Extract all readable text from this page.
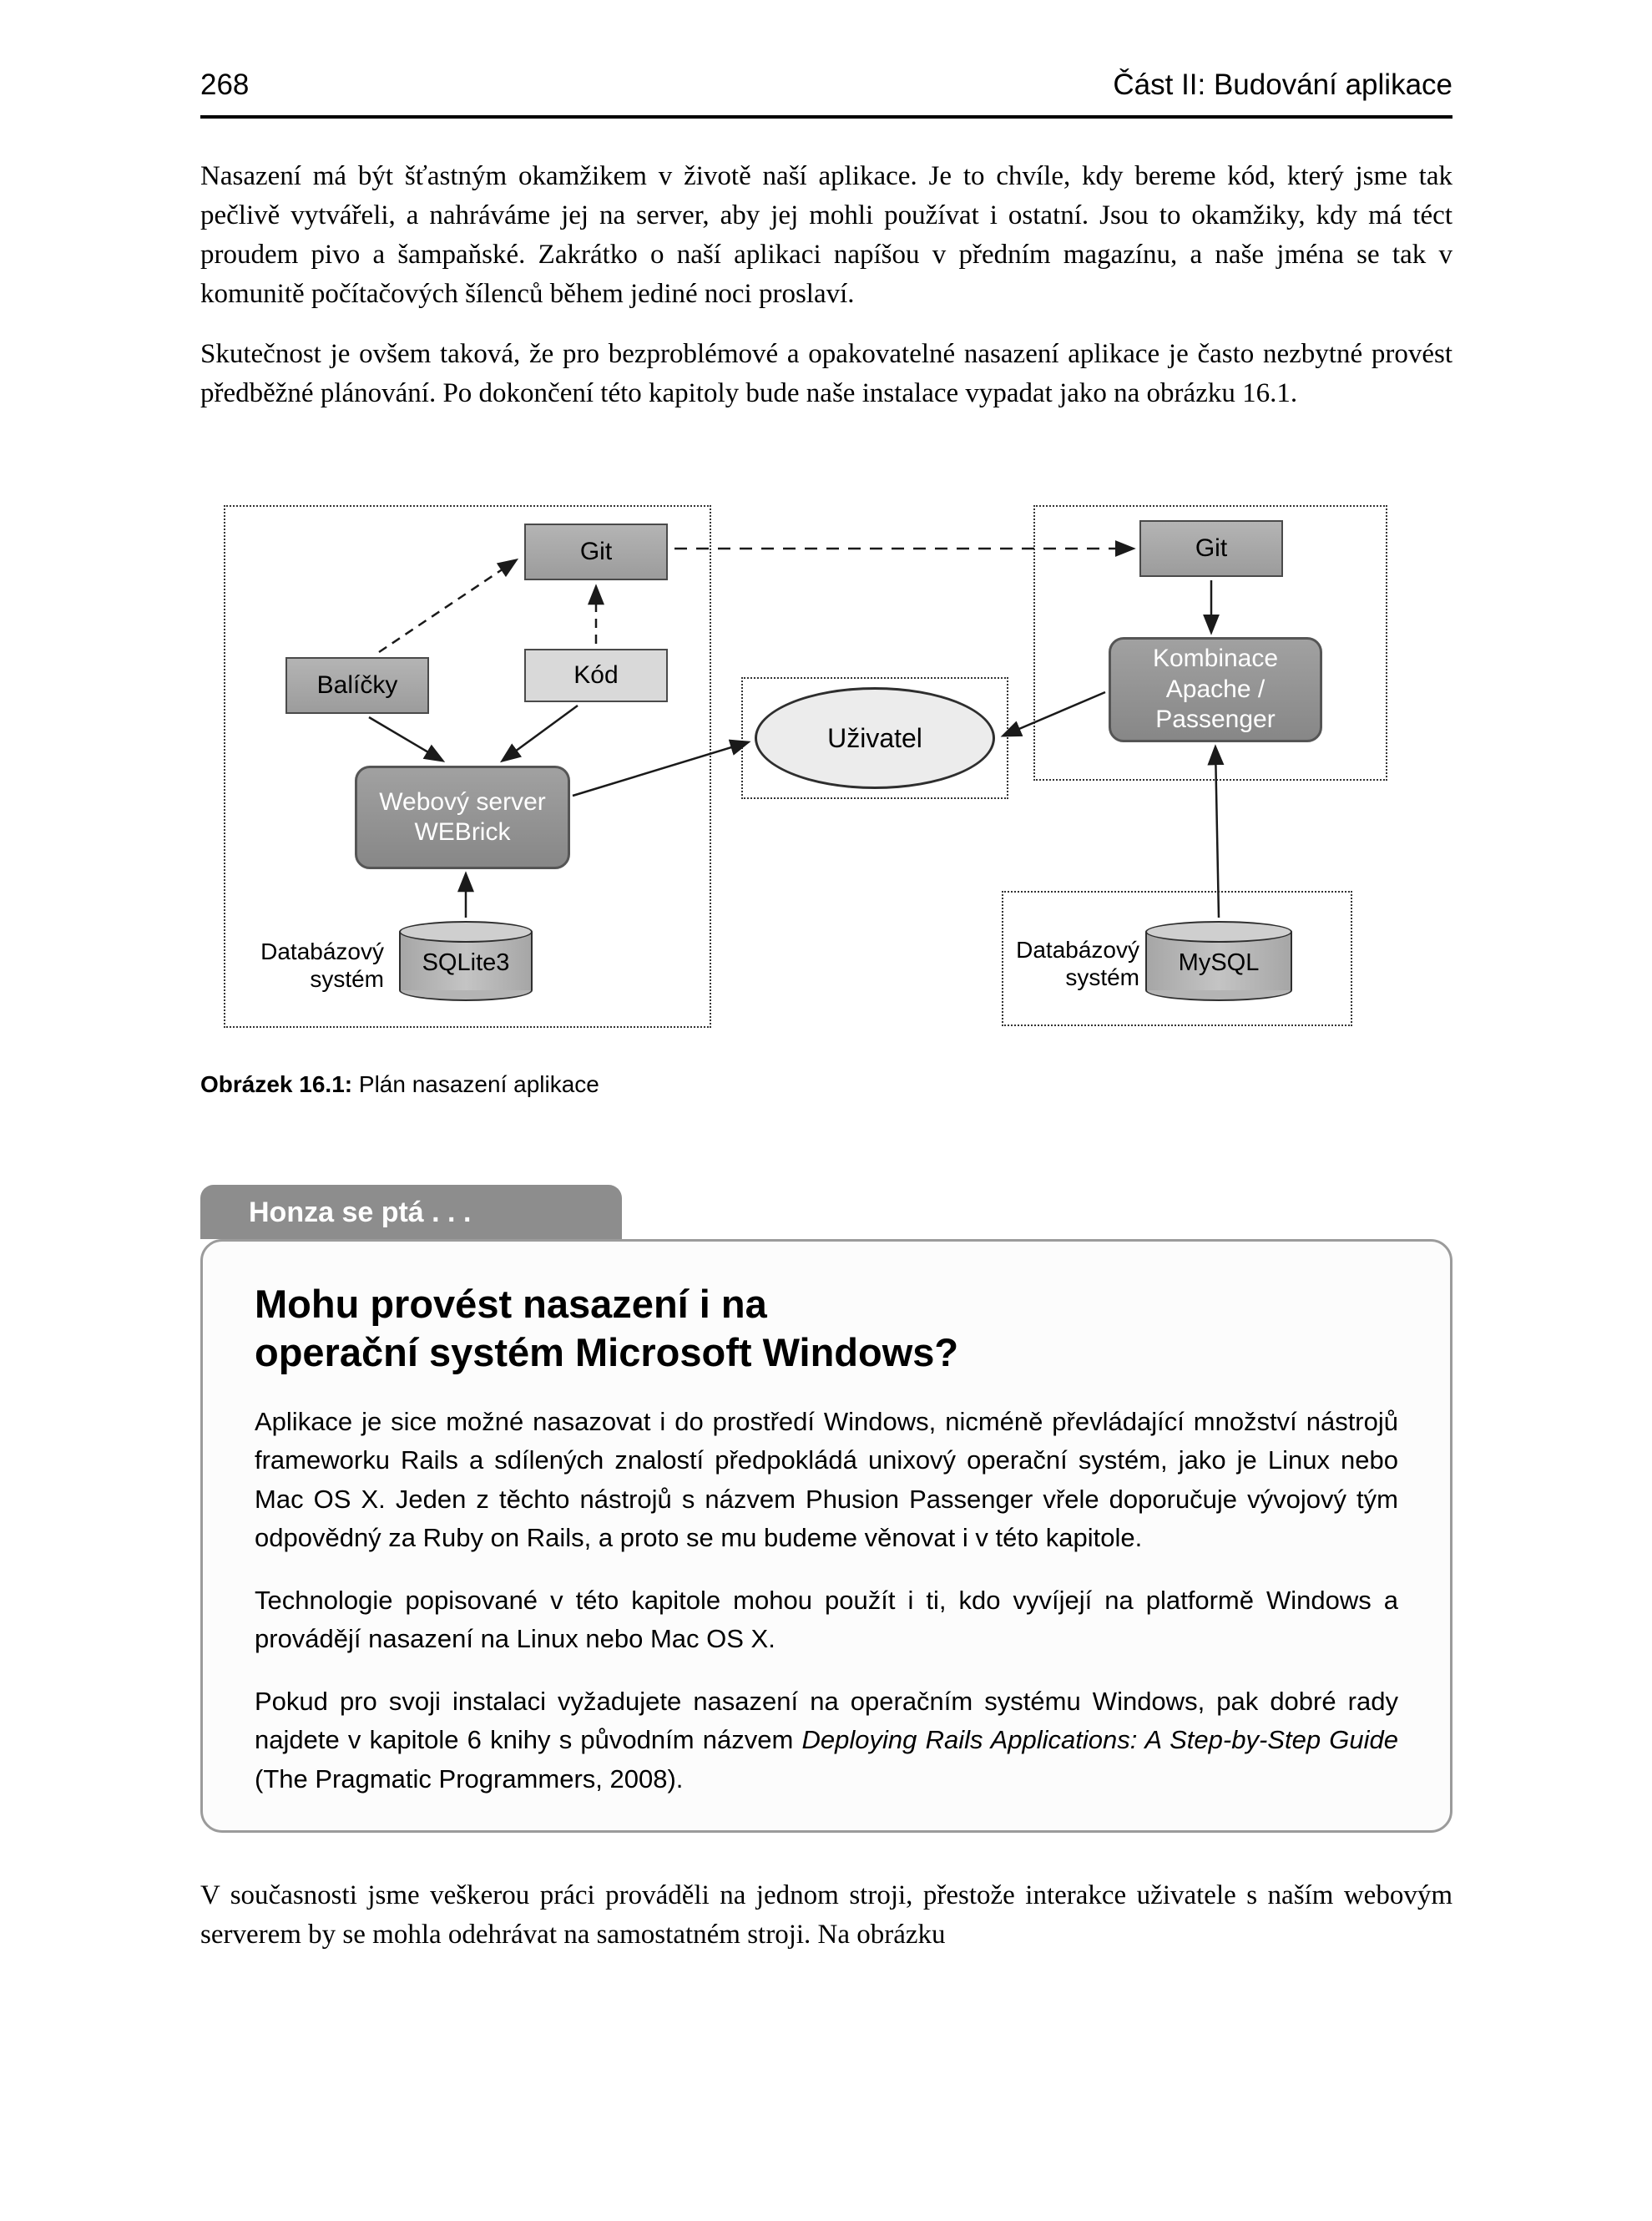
268	Část II: Budování aplikace

Nasazení má být šťastným okamžikem v životě naší aplikace. Je to chvíle, kdy bereme kód, který jsme tak pečlivě vytvářeli, a nahráváme jej na server, aby jej mohli používat i ostatní. Jsou to okamžiky, kdy má téct proudem pivo a šampaňské. Zakrátko o naší aplikaci napíšou v předním magazínu, a naše jména se tak v komunitě počítačových šílenců během jediné noci proslaví.

Skutečnost je ovšem taková, že pro bezproblémové a opakovatelné nasazení aplikace je často nezbytné provést předběžné plánování. Po dokončení této kapitoly bude naše instalace vypadat jako na obrázku 16.1.

Git
Balíčky	Kód
Webový server
WEBrick
SQLite3
Databázový
systém
Uživatel
Git
Kombinace
Apache /
Passenger
Databázový
systém
MySQL
Obrázek 16.1: Plán nasazení aplikace
Honza se ptá . . .
Mohu provést nasazení i na
operační systém Microsoft Windows?

Aplikace je sice možné nasazovat i do prostředí Windows, nicméně převládající množství nástrojů frameworku Rails a sdílených znalostí předpokládá unixový operační systém, jako je Linux nebo Mac OS X. Jeden z těchto nástrojů s názvem Phusion Passenger vřele doporučuje vývojový tým odpovědný za Ruby on Rails, a proto se mu budeme věnovat i v této kapitole.

Technologie popisované v této kapitole mohou použít i ti, kdo vyvíjejí na platformě Windows a provádějí nasazení na Linux nebo Mac OS X.

Pokud pro svoji instalaci vyžadujete nasazení na operačním systému Windows, pak dobré rady najdete v kapitole 6 knihy s původním názvem Deploying Rails Applications: A Step-by-Step Guide (The Pragmatic Programmers, 2008).

V současnosti jsme veškerou práci prováděli na jednom stroji, přestože interakce uživatele s naším webovým serverem by se mohla odehrávat na samostatném stroji. Na obrázku
